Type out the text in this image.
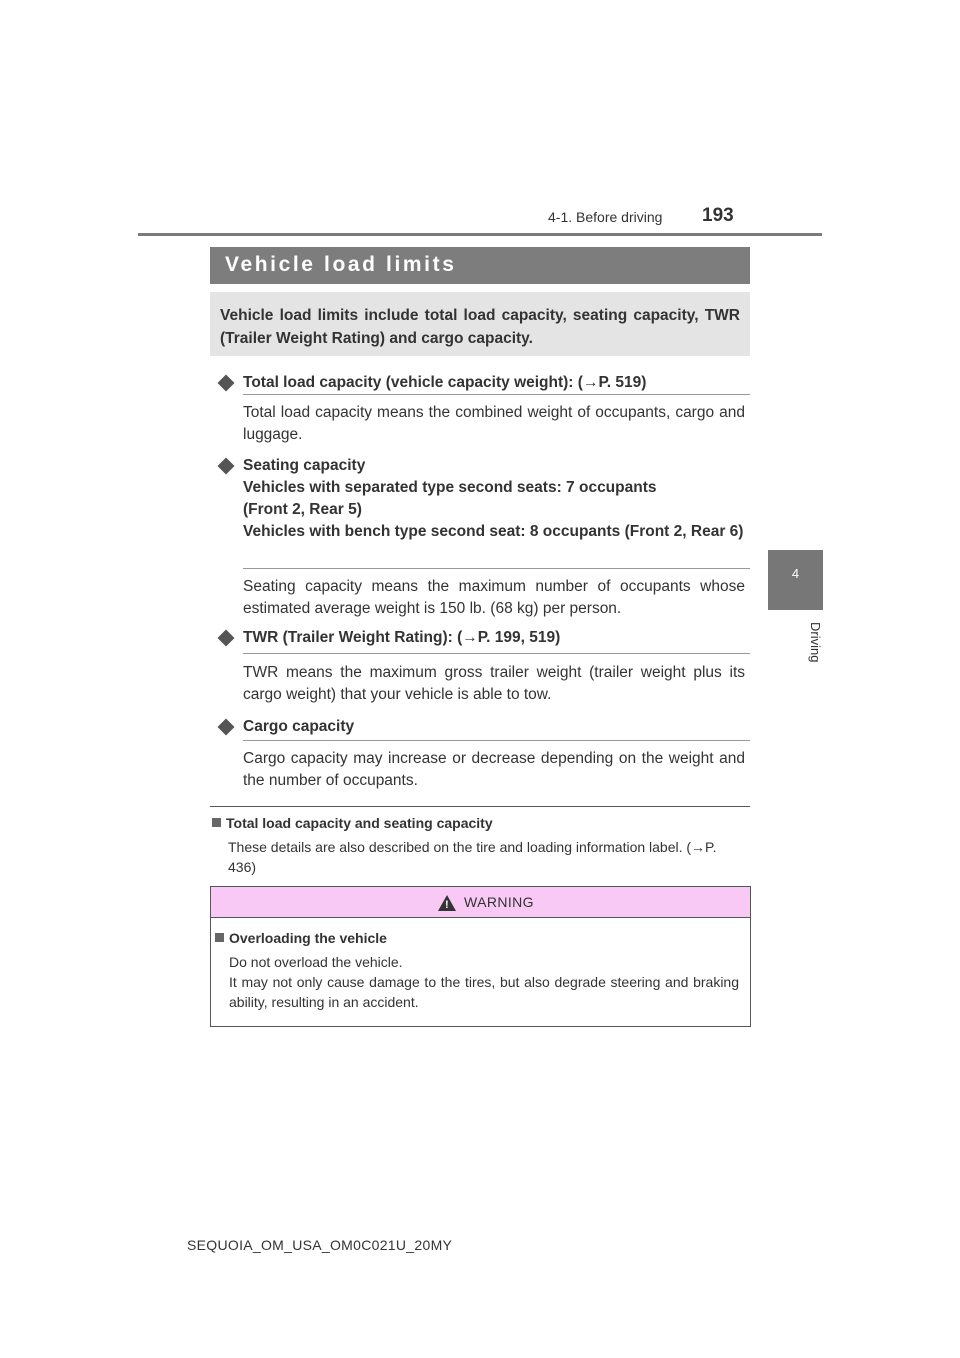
4-1. Before driving 193
4
Driving
Vehicle load limits
Vehicle load limits include total load capacity, seating capacity, TWR (Trailer Weight Rating) and cargo capacity.
Total load capacity (vehicle capacity weight): (→P. 519)
Total load capacity means the combined weight of occupants, cargo and luggage.
Seating capacity
Vehicles with separated type second seats: 7 occupants
(Front 2, Rear 5)
Vehicles with bench type second seat: 8 occupants (Front 2, Rear 6)
Seating capacity means the maximum number of occupants whose estimated average weight is 150 lb. (68 kg) per person.
TWR (Trailer Weight Rating): (→P. 199, 519)
TWR means the maximum gross trailer weight (trailer weight plus its cargo weight) that your vehicle is able to tow.
Cargo capacity
Cargo capacity may increase or decrease depending on the weight and the number of occupants.
Total load capacity and seating capacity
These details are also described on the tire and loading information label. (→P. 436)
! WARNING
Overloading the vehicle
Do not overload the vehicle.
It may not only cause damage to the tires, but also degrade steering and braking ability, resulting in an accident.
SEQUOIA_OM_USA_OM0C021U_20MY
